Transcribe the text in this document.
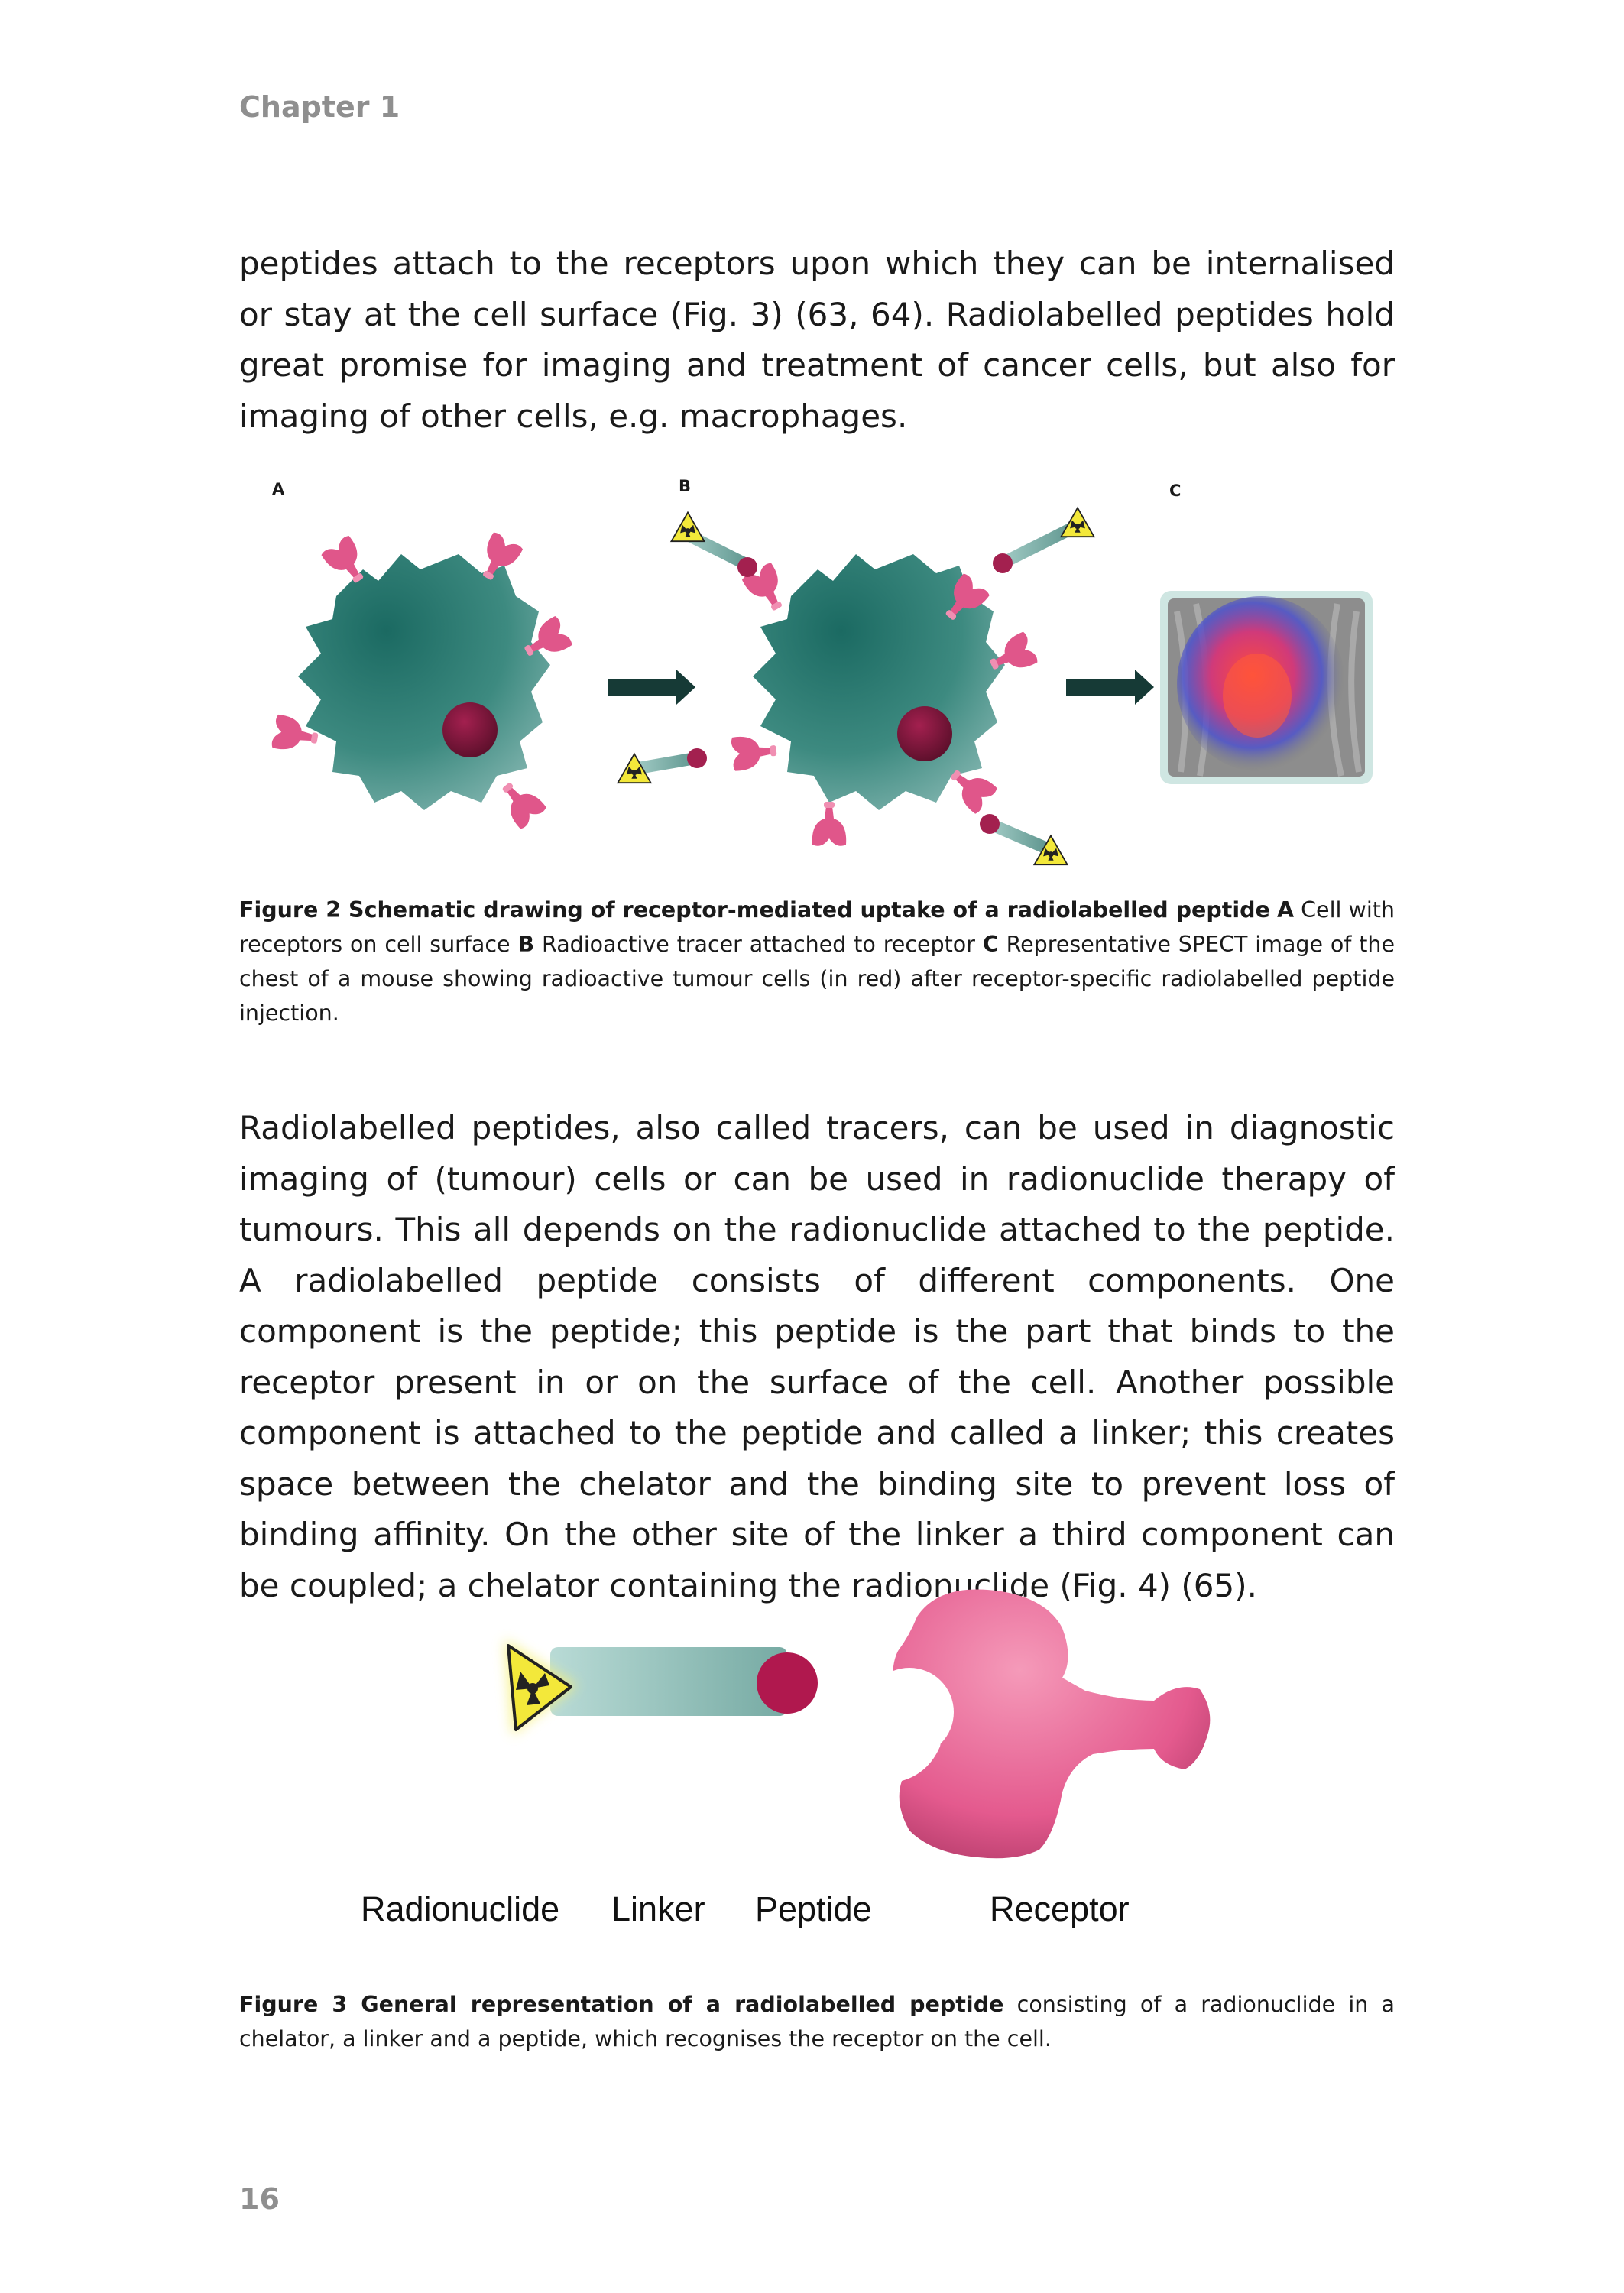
Chapter 1

peptides attach to the receptors upon which they can be internalised or stay at the cell surface (Fig. 3) (63, 64). Radiolabelled peptides hold great promise for imaging and treatment of cancer cells, but also for imaging of other cells, e.g. macrophages.

A	B	C

Figure 2 Schematic drawing of receptor-mediated uptake of a radiolabelled peptide A Cell with receptors on cell surface B Radioactive tracer attached to receptor C Representative SPECT image of the chest of a mouse showing radioactive tumour cells (in red) after receptor-specific radiolabelled peptide injection.

Radiolabelled peptides, also called tracers, can be used in diagnostic imaging of (tumour) cells or can be used in radionuclide therapy of tumours. This all depends on the radionuclide attached to the peptide. A radiolabelled peptide consists of different components. One component is the peptide; this peptide is the part that binds to the receptor present in or on the surface of the cell. Another possible component is attached to the peptide and called a linker; this creates space between the chelator and the binding site to prevent loss of binding affinity. On the other site of the linker a third component can be coupled; a chelator containing the radionuclide (Fig. 4) (65).

Radionuclide Linker Peptide	Receptor

Figure 3 General representation of a radiolabelled peptide consisting of a radionuclide in a chelator, a linker and a peptide, which recognises the receptor on the cell.

16
